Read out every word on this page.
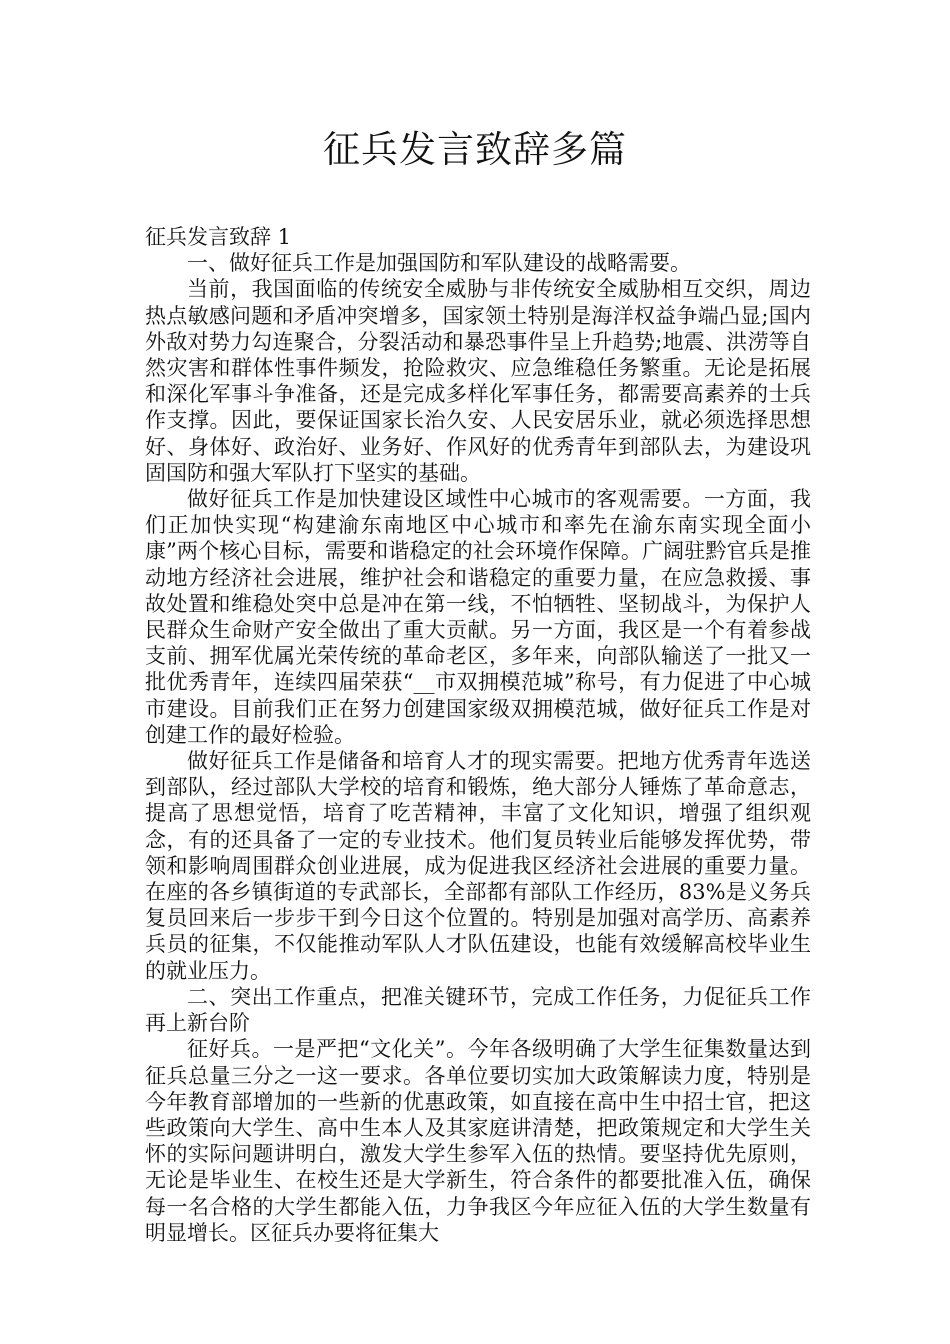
征兵发言致辞多篇

征兵发言致辞 1

一、做好征兵工作是加强国防和军队建设的战略需要。

当前，我国面临的传统安全威胁与非传统安全威胁相互交织，周边热点敏感问题和矛盾冲突增多，国家领土特别是海洋权益争端凸显;国内外敌对势力勾连聚合，分裂活动和暴恐事件呈上升趋势;地震、洪涝等自然灾害和群体性事件频发，抢险救灾、应急维稳任务繁重。无论是拓展和深化军事斗争准备，还是完成多样化军事任务，都需要高素养的士兵作支撑。因此，要保证国家长治久安、人民安居乐业，就必须选择思想好、身体好、政治好、业务好、作风好的优秀青年到部队去，为建设巩固国防和强大军队打下坚实的基础。

做好征兵工作是加快建设区域性中心城市的客观需要。一方面，我们正加快实现“构建渝东南地区中心城市和率先在渝东南实现全面小康”两个核心目标，需要和谐稳定的社会环境作保障。广阔驻黔官兵是推动地方经济社会进展，维护社会和谐稳定的重要力量，在应急救援、事故处置和维稳处突中总是冲在第一线，不怕牺牲、坚韧战斗，为保护人民群众生命财产安全做出了重大贡献。另一方面，我区是一个有着参战支前、拥军优属光荣传统的革命老区，多年来，向部队输送了一批又一批优秀青年，连续四届荣获“__市双拥模范城”称号，有力促进了中心城市建设。目前我们正在努力创建国家级双拥模范城，做好征兵工作是对创建工作的最好检验。

做好征兵工作是储备和培育人才的现实需要。把地方优秀青年选送到部队，经过部队大学校的培育和锻炼，绝大部分人锤炼了革命意志，提高了思想觉悟，培育了吃苦精神，丰富了文化知识，增强了组织观念，有的还具备了一定的专业技术。他们复员转业后能够发挥优势，带领和影响周围群众创业进展，成为促进我区经济社会进展的重要力量。在座的各乡镇街道的专武部长，全部都有部队工作经历，83%是义务兵复员回来后一步步干到今日这个位置的。特别是加强对高学历、高素养兵员的征集，不仅能推动军队人才队伍建设，也能有效缓解高校毕业生的就业压力。

二、突出工作重点，把准关键环节，完成工作任务，力促征兵工作再上新台阶

征好兵。一是严把“文化关”。今年各级明确了大学生征集数量达到征兵总量三分之一这一要求。各单位要切实加大政策解读力度，特别是今年教育部增加的一些新的优惠政策，如直接在高中生中招士官，把这些政策向大学生、高中生本人及其家庭讲清楚，把政策规定和大学生关怀的实际问题讲明白，激发大学生参军入伍的热情。要坚持优先原则，无论是毕业生、在校生还是大学新生，符合条件的都要批准入伍，确保每一名合格的大学生都能入伍，力争我区今年应征入伍的大学生数量有明显增长。区征兵办要将征集大
